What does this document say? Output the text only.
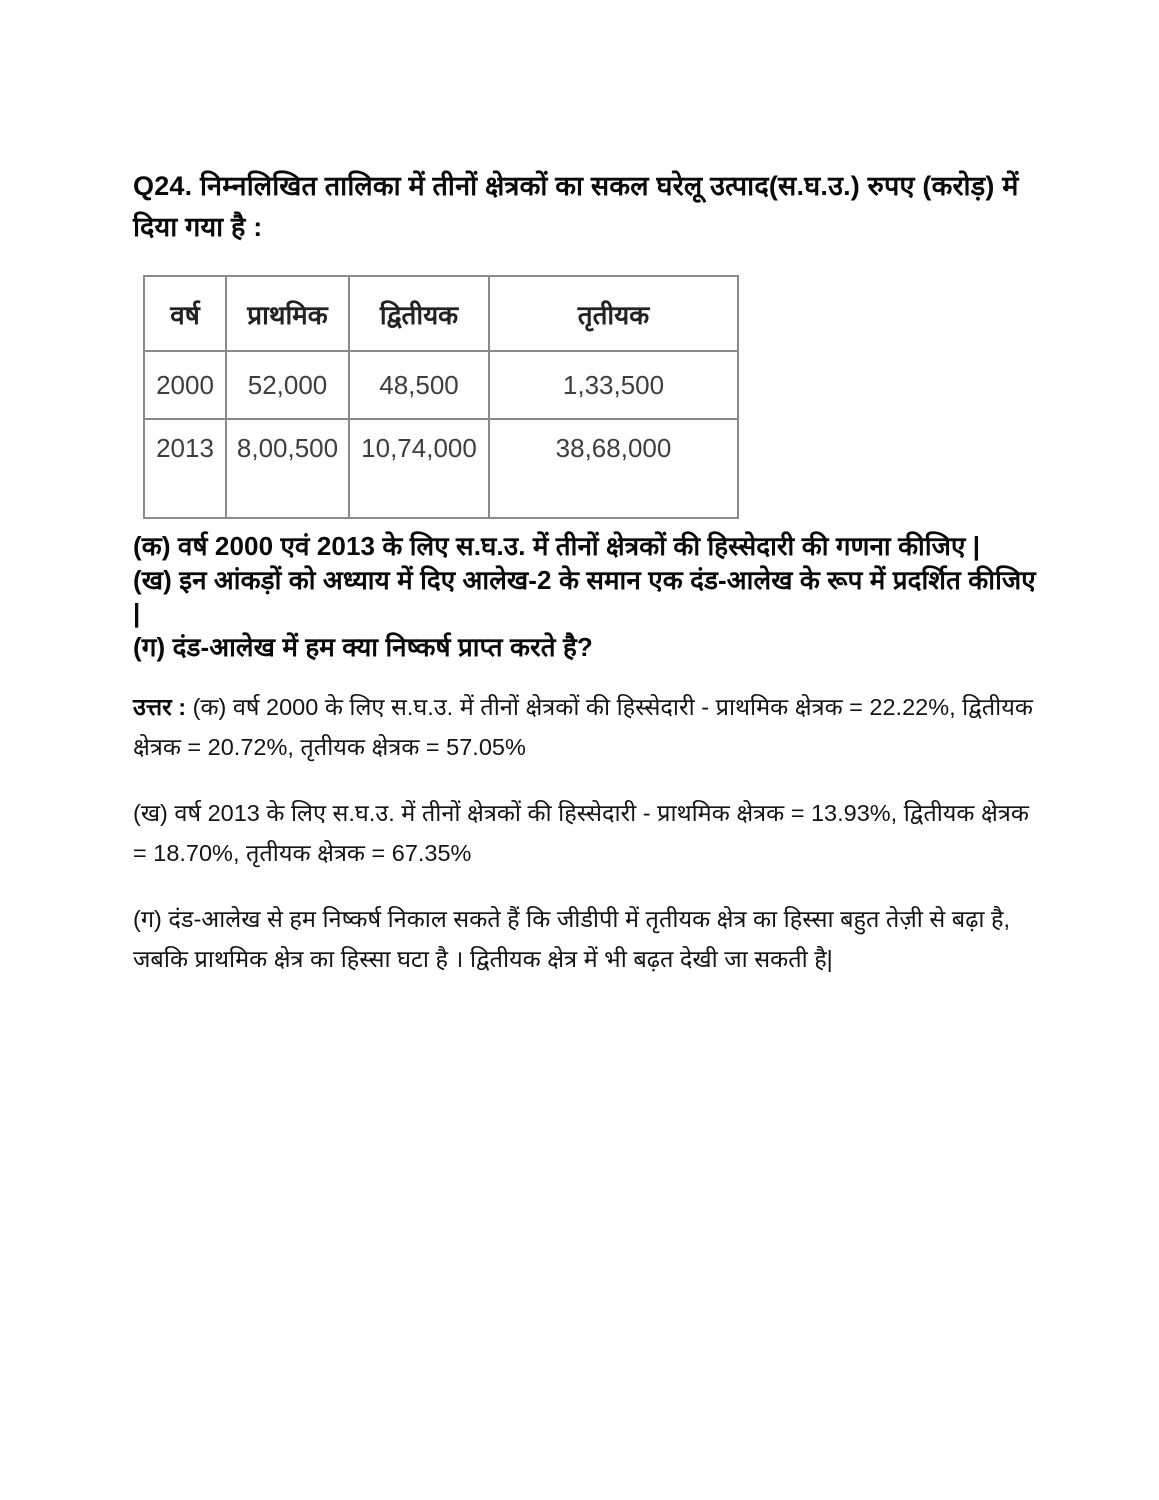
Q24. निम्नलिखित तालिका में तीनों क्षेत्रकों का सकल घरेलू उत्पाद(स.घ.उ.) रुपए (करोड़) में दिया गया है :

वर्ष	प्राथमिक	द्वितीयक	तृतीयक
2000	52,000	48,500	1,33,500
2013	8,00,500	10,74,000	38,68,000

(क) वर्ष 2000 एवं 2013 के लिए स.घ.उ. में तीनों क्षेत्रकों की हिस्सेदारी की गणना कीजिए |

(ख) इन आंकड़ों को अध्याय में दिए आलेख-2 के समान एक दंड-आलेख के रूप में प्रदर्शित कीजिए |

(ग) दंड-आलेख में हम क्या निष्कर्ष प्राप्त करते है?

उत्तर : (क) वर्ष 2000 के लिए स.घ.उ. में तीनों क्षेत्रकों की हिस्सेदारी - प्राथमिक क्षेत्रक = 22.22%, द्वितीयक क्षेत्रक = 20.72%, तृतीयक क्षेत्रक = 57.05%

(ख) वर्ष 2013 के लिए स.घ.उ. में तीनों क्षेत्रकों की हिस्सेदारी - प्राथमिक क्षेत्रक = 13.93%, द्वितीयक क्षेत्रक = 18.70%, तृतीयक क्षेत्रक = 67.35%

(ग) दंड-आलेख से हम निष्कर्ष निकाल सकते हैं कि जीडीपी में तृतीयक क्षेत्र का हिस्सा बहुत तेज़ी से बढ़ा है, जबकि प्राथमिक क्षेत्र का हिस्सा घटा है । द्वितीयक क्षेत्र में भी बढ़त देखी जा सकती है|
